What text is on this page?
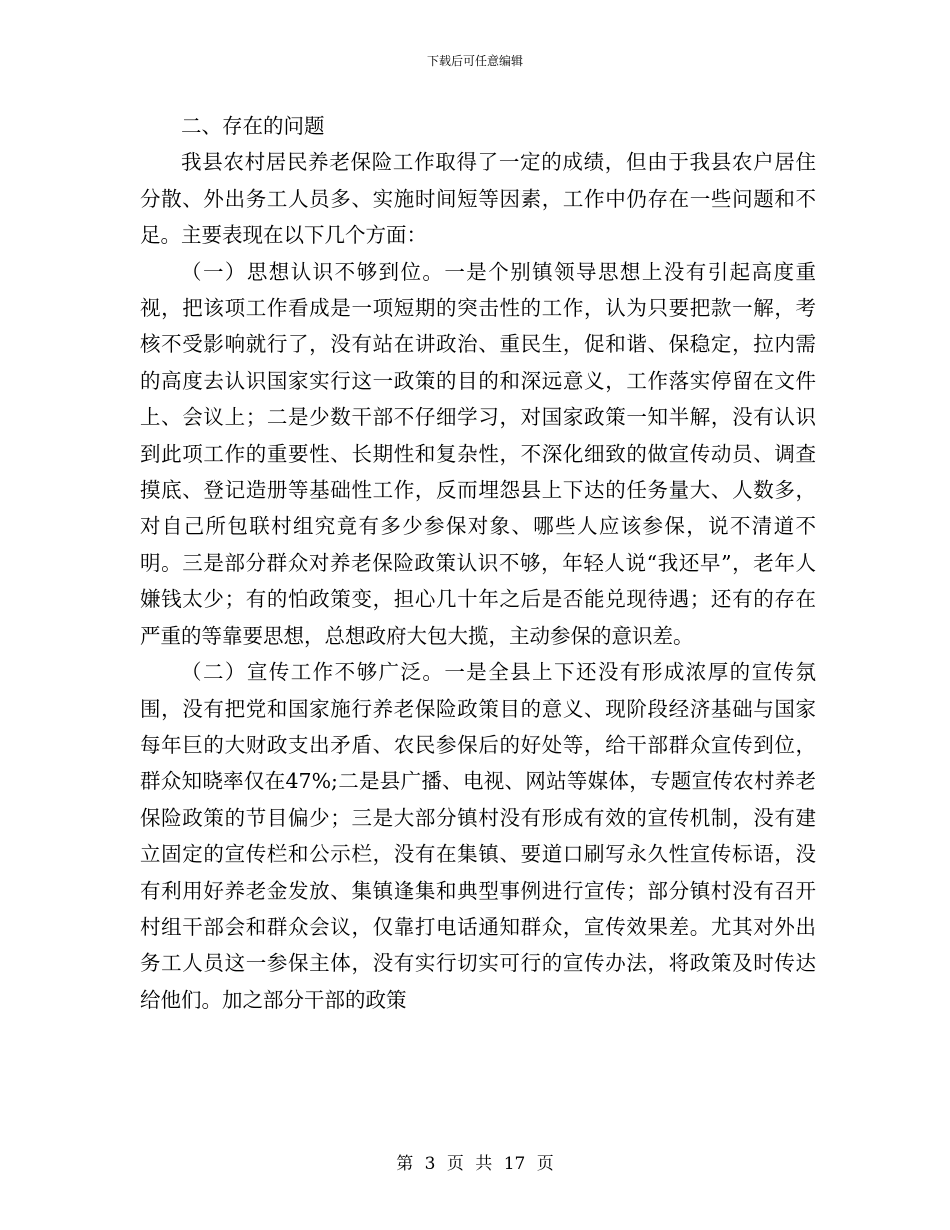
下载后可任意编辑

二、存在的问题

我县农村居民养老保险工作取得了一定的成绩，但由于我县农户居住分散、外出务工人员多、实施时间短等因素，工作中仍存在一些问题和不足。主要表现在以下几个方面：

（一）思想认识不够到位。一是个别镇领导思想上没有引起高度重视，把该项工作看成是一项短期的突击性的工作，认为只要把款一解，考核不受影响就行了，没有站在讲政治、重民生，促和谐、保稳定，拉内需的高度去认识国家实行这一政策的目的和深远意义，工作落实停留在文件上、会议上；二是少数干部不仔细学习，对国家政策一知半解，没有认识到此项工作的重要性、长期性和复杂性，不深化细致的做宣传动员、调查摸底、登记造册等基础性工作，反而埋怨县上下达的任务量大、人数多，对自己所包联村组究竟有多少参保对象、哪些人应该参保，说不清道不明。三是部分群众对养老保险政策认识不够，年轻人说“我还早”，老年人嫌钱太少；有的怕政策变，担心几十年之后是否能兑现待遇；还有的存在严重的等靠要思想，总想政府大包大揽，主动参保的意识差。

（二）宣传工作不够广泛。一是全县上下还没有形成浓厚的宣传氛围，没有把党和国家施行养老保险政策目的意义、现阶段经济基础与国家每年巨的大财政支出矛盾、农民参保后的好处等，给干部群众宣传到位，群众知晓率仅在47%;二是县广播、电视、网站等媒体，专题宣传农村养老保险政策的节目偏少；三是大部分镇村没有形成有效的宣传机制，没有建立固定的宣传栏和公示栏，没有在集镇、要道口刷写永久性宣传标语，没有利用好养老金发放、集镇逢集和典型事例进行宣传；部分镇村没有召开村组干部会和群众会议，仅靠打电话通知群众，宣传效果差。尤其对外出务工人员这一参保主体，没有实行切实可行的宣传办法，将政策及时传达给他们。加之部分干部的政策

第 3 页 共 17 页
